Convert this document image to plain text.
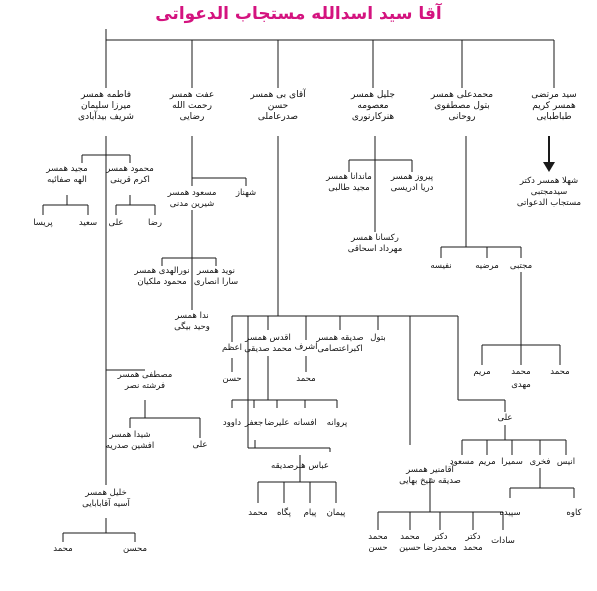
آقا سید اسدالله مستجاب الدعواتی
سید مرتضی
همسر کریم
طباطبایی
محمدعلی همسر
بتول مصطفوی
روحانی
جلیل همسر
معصومه
هنرکارنوری
آقای بی همسر
حسن
صدرعاملی
عفت همسر
رحمت الله
رضایی
فاطمه همسر
میرزا سلیمان
شریف بیدآبادی
شهلا همسر دکتر
سیدمجتبی
مستجاب الدعواتی
نفیسه	مرضیه مجتبی
پیروز همسر
دریا ادریسی
ماندانا همسر
مجید طالبی
رکسانا همسر
مهرداد اسحاقی
شهناز
مسعود همسر
شیرین مدنی
نوید همسر
سارا انصاری
نورالهدی همسر
محمود ملکیان
ندا همسر
وحید بیگی
محمود همسر
اکرم قرینی
مجید همسر
الهه صفائیه
رضا
علی
سعید
پریسا
مصطفی همسر
فرشته نصر
علی
شیدا همسر
افشین صدریه
خلیل همسر
آسیه آقابابایی
محسن
محمد
بتول
صدیقه همسر
اکبراعتصامی
اشرف
اقدس همسر
محمد صدیقی
اعظم
حسن	محمد
محمد
محمد
مریم
مهدی
پروانه
افسانه
علیرضا
جعفر
داوود	علی
انیس
فخری
سمیرا
مریم
مسعود
کاوه
سپیده
عباس هنرصدیقه
پیمان
پیام
پگاه
محمد
آقامنیر همسر
صدیقه شیخ بهایی
سادات
دکتر
محمد
دکتر
محمدرضا
محمد
حسین
محمد
حسن
